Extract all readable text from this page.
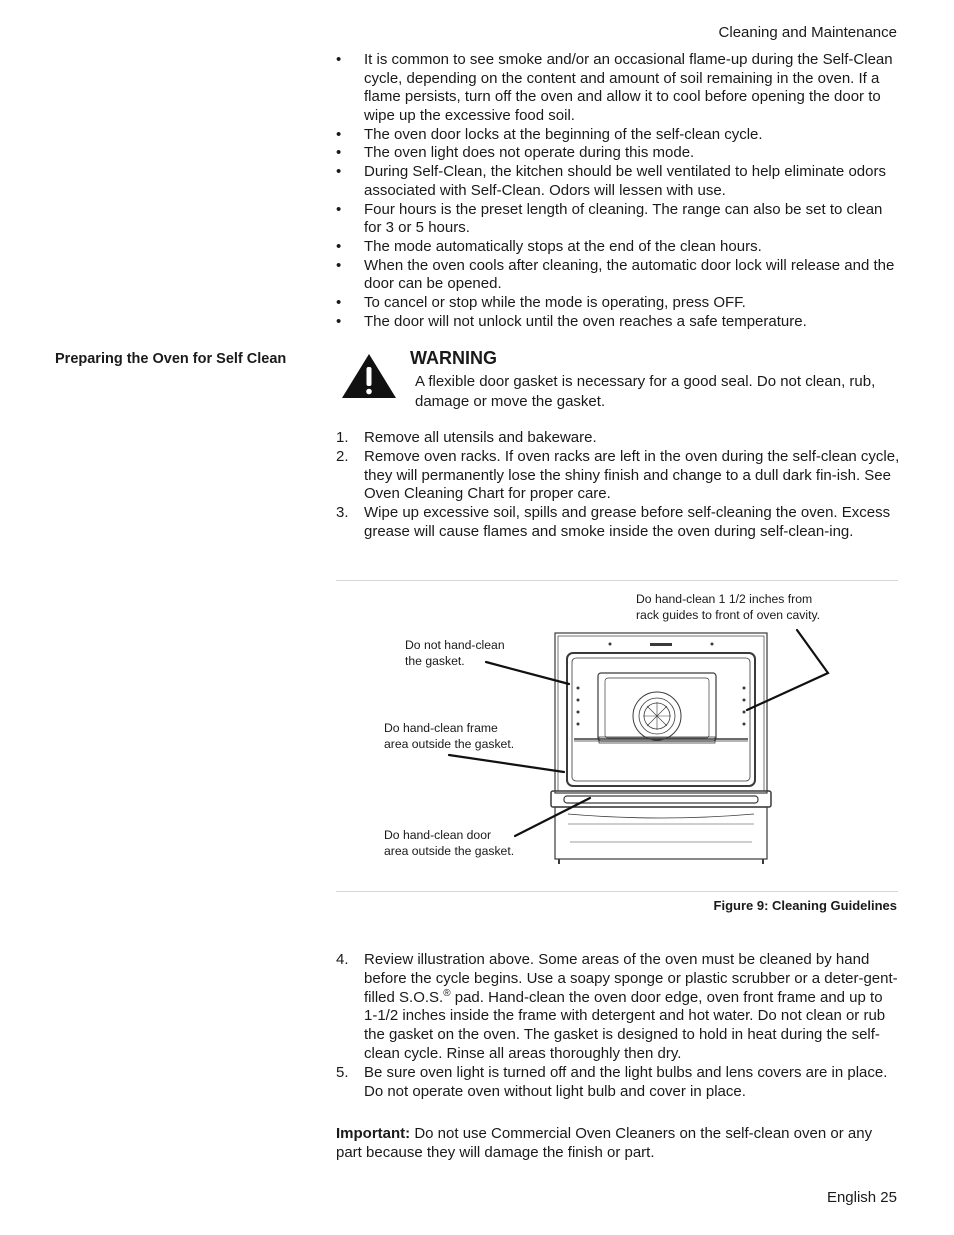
Cleaning and Maintenance
• It is common to see smoke and/or an occasional flame-up during the Self-Clean cycle, depending on the content and amount of soil remaining in the oven. If a flame persists, turn off the oven and allow it to cool before opening the door to wipe up the excessive food soil.
• The oven door locks at the beginning of the self-clean cycle.
• The oven light does not operate during this mode.
• During Self-Clean, the kitchen should be well ventilated to help eliminate odors associated with Self-Clean. Odors will lessen with use.
• Four hours is the preset length of cleaning. The range can also be set to clean for 3 or 5 hours.
• The mode automatically stops at the end of the clean hours.
• When the oven cools after cleaning, the automatic door lock will release and the door can be opened.
• To cancel or stop while the mode is operating, press OFF.
• The door will not unlock until the oven reaches a safe temperature.
Preparing the Oven for Self Clean	WARNING
A flexible door gasket is necessary for a good seal. Do not clean, rub, damage or move the gasket.
1. Remove all utensils and bakeware.
2. Remove oven racks. If oven racks are left in the oven during the self-clean cycle, they will permanently lose the shiny finish and change to a dull dark fin-ish. See Oven Cleaning Chart for proper care.
3. Wipe up excessive soil, spills and grease before self-cleaning the oven. Excess grease will cause flames and smoke inside the oven during self-clean-ing.
Do hand-clean 1 1/2 inches from
rack guides to front of oven cavity.
Do not hand-clean
the gasket.
Do hand-clean frame
area outside the gasket.
Do hand-clean door
area outside the gasket.
Figure 9: Cleaning Guidelines
4. Review illustration above. Some areas of the oven must be cleaned by hand before the cycle begins. Use a soapy sponge or plastic scrubber or a deter-gent-filled S.O.S.® pad. Hand-clean the oven door edge, oven front frame and up to 1-1/2 inches inside the frame with detergent and hot water. Do not clean or rub the gasket on the oven. The gasket is designed to hold in heat during the self-clean cycle. Rinse all areas thoroughly then dry.
5. Be sure oven light is turned off and the light bulbs and lens covers are in place. Do not operate oven without light bulb and cover in place.
Important: Do not use Commercial Oven Cleaners on the self-clean oven or any part because they will damage the finish or part.
English 25
